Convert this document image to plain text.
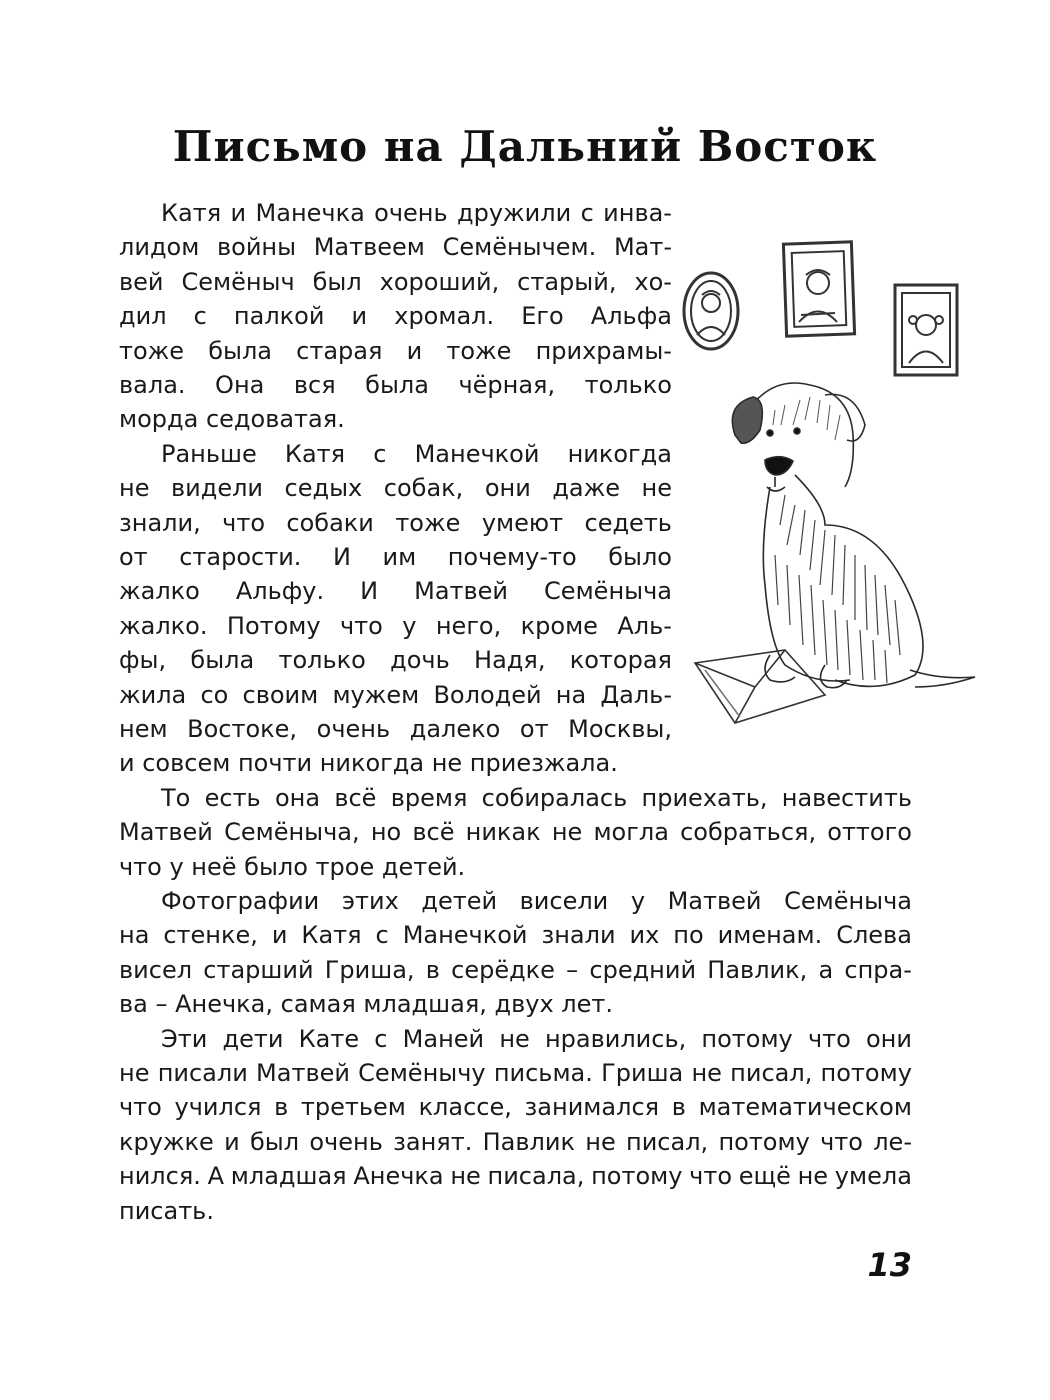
Письмо на Дальний Восток
Катя и Манечка очень дружили с инва-
лидом войны Матвеем Семёнычем. Мат-
вей Семёныч был хороший, старый, хо-
дил с палкой и хромал. Его Альфа
тоже была старая и тоже прихрамы-
вала. Она вся была чёрная, только
морда седоватая.
Раньше Катя с Манечкой никогда
не видели седых собак, они даже не
знали, что собаки тоже умеют седеть
от старости. И им почему-то было
жалко Альфу. И Матвей Семёныча
жалко. Потому что у него, кроме Аль-
фы, была только дочь Надя, которая
жила со своим мужем Володей на Даль-
нем Востоке, очень далеко от Москвы,
и совсем почти никогда не приезжала.
То есть она всё время собиралась приехать, навестить
Матвей Семёныча, но всё никак не могла собраться, оттого
что у неё было трое детей.
Фотографии этих детей висели у Матвей Семёныча
на стенке, и Катя с Манечкой знали их по именам. Слева
висел старший Гриша, в серёдке – средний Павлик, а спра-
ва – Анечка, самая младшая, двух лет.
Эти дети Кате с Маней не нравились, потому что они
не писали Матвей Семёнычу письма. Гриша не писал, потому
что учился в третьем классе, занимался в математическом
кружке и был очень занят. Павлик не писал, потому что ле-
нился. А младшая Анечка не писала, потому что ещё не умела
писать.
13
